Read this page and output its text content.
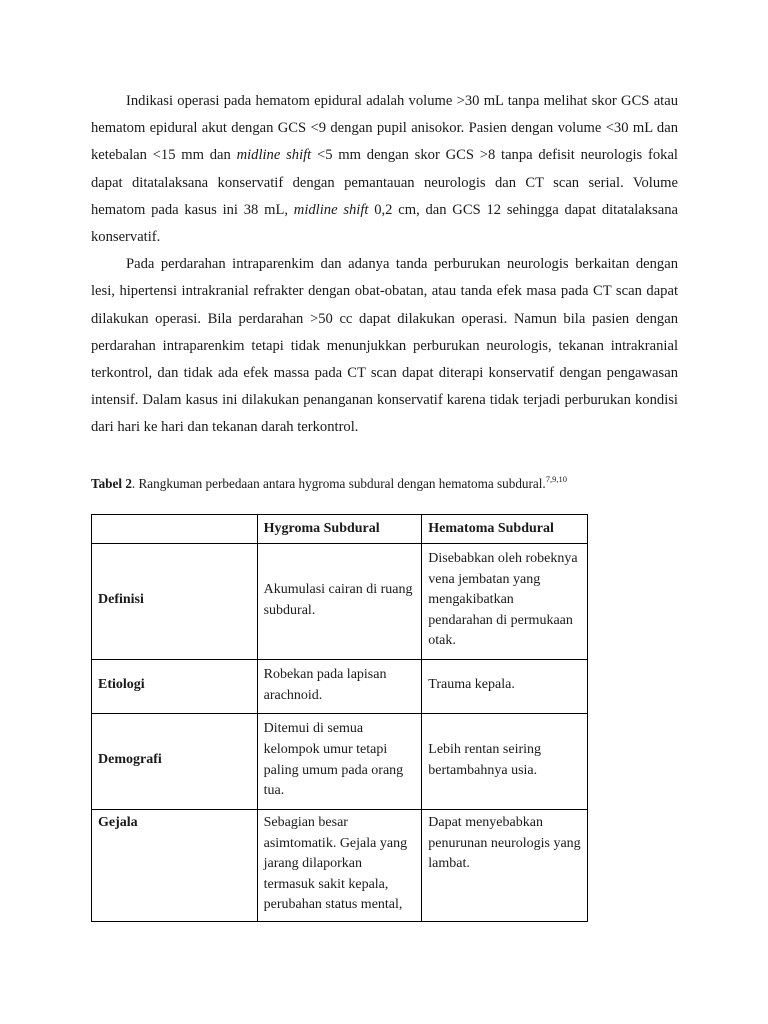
Indikasi operasi pada hematom epidural adalah volume >30 mL tanpa melihat skor GCS atau hematom epidural akut dengan GCS <9 dengan pupil anisokor. Pasien dengan volume <30 mL dan ketebalan <15 mm dan midline shift <5 mm dengan skor GCS >8 tanpa defisit neurologis fokal dapat ditatalaksana konservatif dengan pemantauan neurologis dan CT scan serial. Volume hematom pada kasus ini 38 mL, midline shift 0,2 cm, dan GCS 12 sehingga dapat ditatalaksana konservatif.

Pada perdarahan intraparenkim dan adanya tanda perburukan neurologis berkaitan dengan lesi, hipertensi intrakranial refrakter dengan obat-obatan, atau tanda efek masa pada CT scan dapat dilakukan operasi. Bila perdarahan >50 cc dapat dilakukan operasi. Namun bila pasien dengan perdarahan intraparenkim tetapi tidak menunjukkan perburukan neurologis, tekanan intrakranial terkontrol, dan tidak ada efek massa pada CT scan dapat diterapi konservatif dengan pengawasan intensif. Dalam kasus ini dilakukan penanganan konservatif karena tidak terjadi perburukan kondisi dari hari ke hari dan tekanan darah terkontrol.

Tabel 2. Rangkuman perbedaan antara hygroma subdural dengan hematoma subdural.$^{7,9,10}$
	Hygroma Subdural	Hematoma Subdural
Definisi	Akumulasi cairan di ruang subdural.	Disebabkan oleh robeknya vena jembatan yang mengakibatkan pendarahan di permukaan otak.
Etiologi	Robekan pada lapisan arachnoid.	Trauma kepala.
Demografi	Ditemui di semua kelompok umur tetapi paling umum pada orang tua.	Lebih rentan seiring bertambahnya usia.
Gejala	Sebagian besar asimtomatik. Gejala yang jarang dilaporkan termasuk sakit kepala, perubahan status mental,	Dapat menyebabkan penurunan neurologis yang lambat.
